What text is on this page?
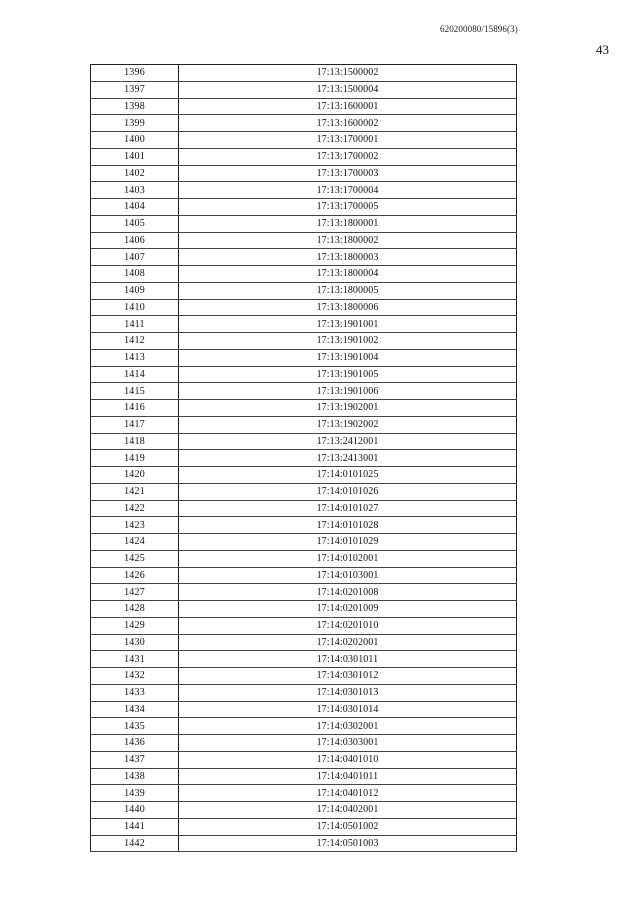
620200080/15896(3)
43
1396	17:13:1500002
1397	17:13:1500004
1398	17:13:1600001
1399	17:13:1600002
1400	17:13:1700001
1401	17:13:1700002
1402	17:13:1700003
1403	17:13:1700004
1404	17:13:1700005
1405	17:13:1800001
1406	17:13:1800002
1407	17:13:1800003
1408	17:13:1800004
1409	17:13:1800005
1410	17:13:1800006
1411	17:13:1901001
1412	17:13:1901002
1413	17:13:1901004
1414	17:13:1901005
1415	17:13:1901006
1416	17:13:1902001
1417	17:13:1902002
1418	17:13:2412001
1419	17:13:2413001
1420	17:14:0101025
1421	17:14:0101026
1422	17:14:0101027
1423	17:14:0101028
1424	17:14:0101029
1425	17:14:0102001
1426	17:14:0103001
1427	17:14:0201008
1428	17:14:0201009
1429	17:14:0201010
1430	17:14:0202001
1431	17:14:0301011
1432	17:14:0301012
1433	17:14:0301013
1434	17:14:0301014
1435	17:14:0302001
1436	17:14:0303001
1437	17:14:0401010
1438	17:14:0401011
1439	17:14:0401012
1440	17:14:0402001
1441	17:14:0501002
1442	17:14:0501003
